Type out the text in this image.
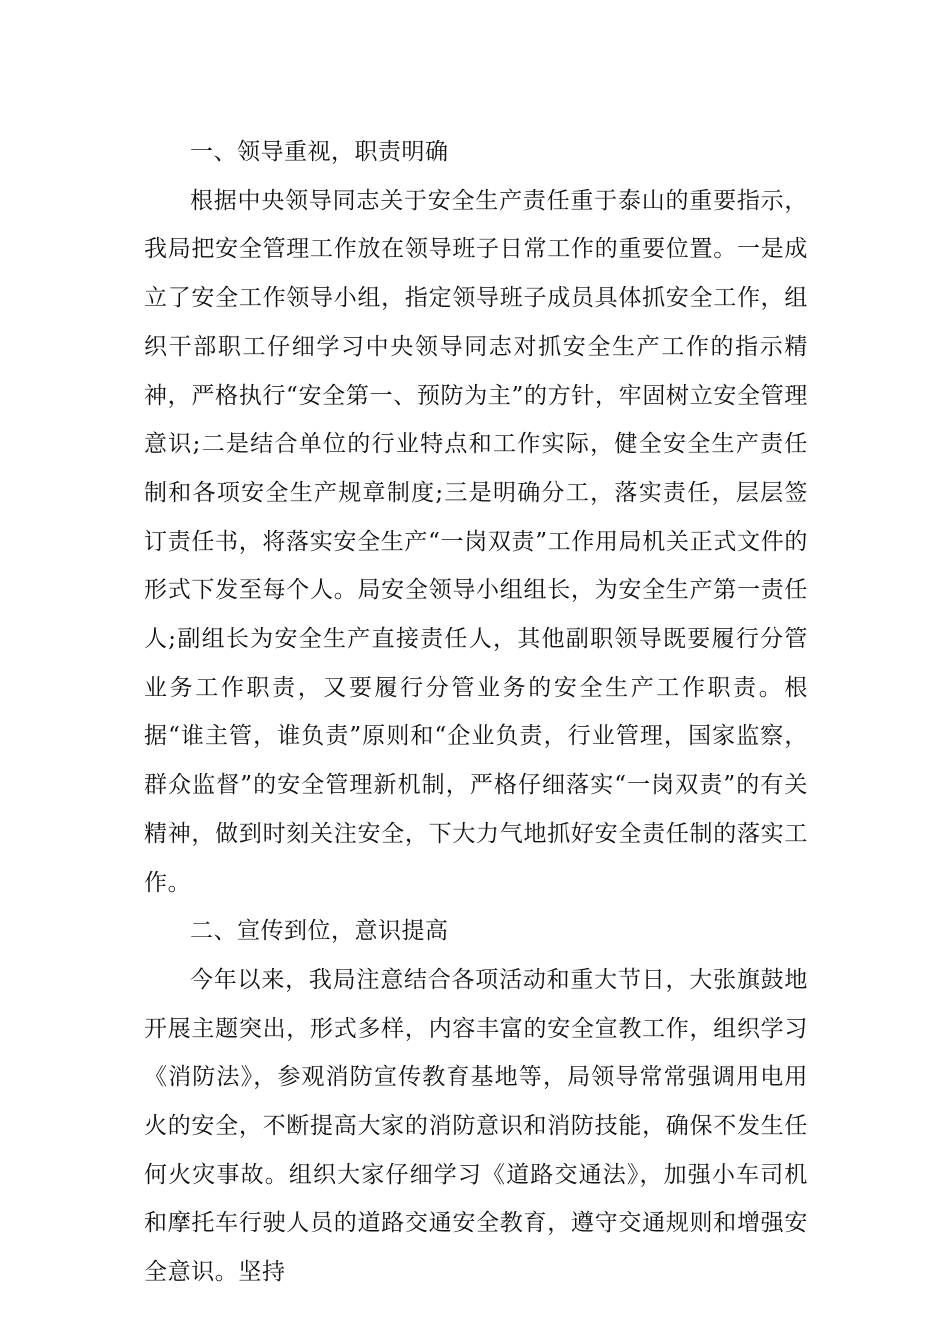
一、领导重视，职责明确

根据中央领导同志关于安全生产责任重于泰山的重要指示，我局把安全管理工作放在领导班子日常工作的重要位置。一是成立了安全工作领导小组，指定领导班子成员具体抓安全工作，组织干部职工仔细学习中央领导同志对抓安全生产工作的指示精神，严格执行“安全第一、预防为主”的方针，牢固树立安全管理意识;二是结合单位的行业特点和工作实际，健全安全生产责任制和各项安全生产规章制度;三是明确分工，落实责任，层层签订责任书，将落实安全生产“一岗双责”工作用局机关正式文件的形式下发至每个人。局安全领导小组组长，为安全生产第一责任人;副组长为安全生产直接责任人，其他副职领导既要履行分管业务工作职责，又要履行分管业务的安全生产工作职责。根据“谁主管，谁负责”原则和“企业负责，行业管理，国家监察，群众监督”的安全管理新机制，严格仔细落实“一岗双责”的有关精神，做到时刻关注安全，下大力气地抓好安全责任制的落实工作。

二、宣传到位，意识提高

今年以来，我局注意结合各项活动和重大节日，大张旗鼓地开展主题突出，形式多样，内容丰富的安全宣教工作，组织学习《消防法》，参观消防宣传教育基地等，局领导常常强调用电用火的安全，不断提高大家的消防意识和消防技能，确保不发生任何火灾事故。组织大家仔细学习《道路交通法》，加强小车司机和摩托车行驶人员的道路交通安全教育，遵守交通规则和增强安全意识。坚持
